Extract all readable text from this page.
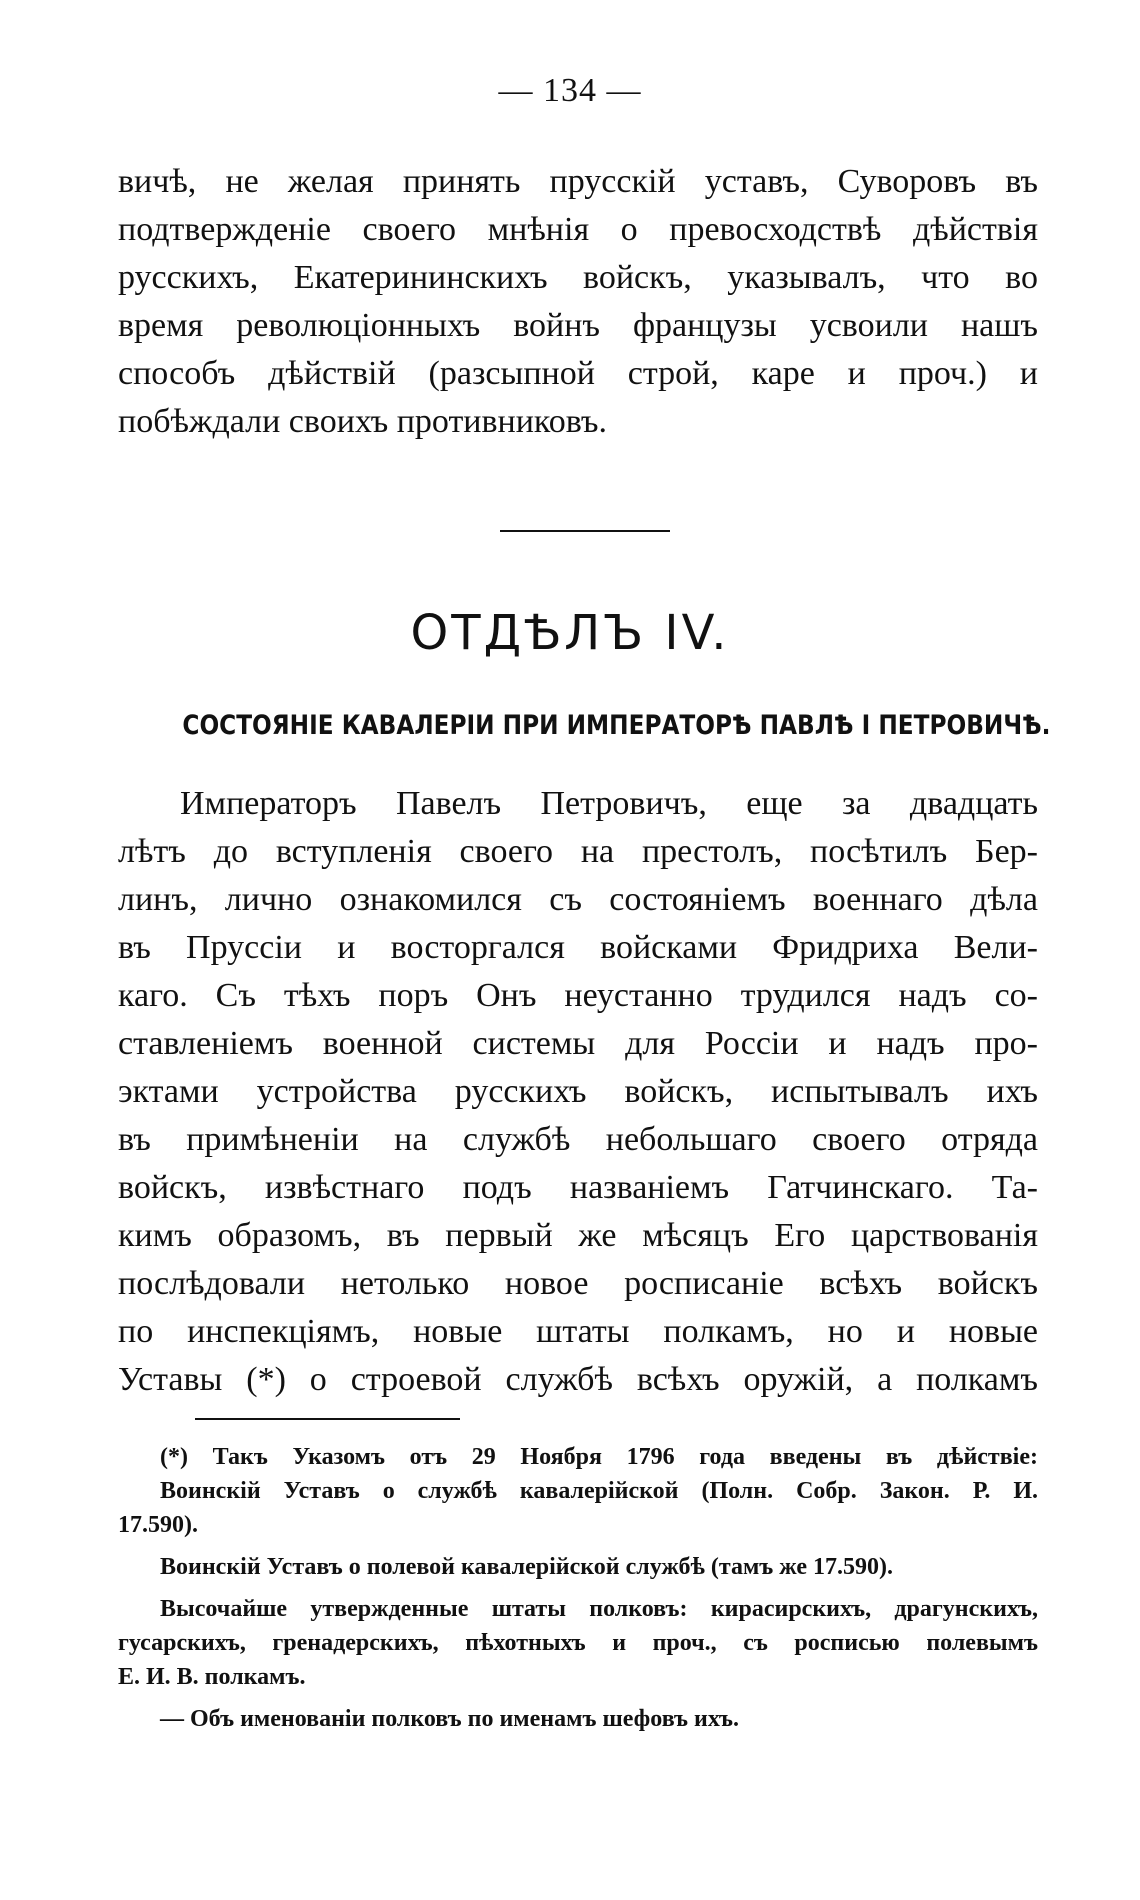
— 134 —
вичѣ, не желая принять прусскій уставъ, Суворовъ въ
подтвержденіе своего мнѣнія о превосходствѣ дѣйствія
русскихъ, Екатерининскихъ войскъ, указывалъ, что во
время революціонныхъ войнъ французы усвоили нашъ
способъ дѣйствій (разсыпной строй, каре и проч.) и
побѣждали своихъ противниковъ.
ОТДѢЛЪ IV.
СОСТОЯНІЕ КАВАЛЕРІИ ПРИ ИМПЕРАТОРѢ ПАВЛѢ I ПЕТРОВИЧѢ.
Императоръ Павелъ Петровичъ, еще за двадцать
лѣтъ до вступленія своего на престолъ, посѣтилъ Бер-
линъ, лично ознакомился съ состояніемъ военнаго дѣла
въ Пруссіи и восторгался войсками Фридриха Вели-
каго. Съ тѣхъ поръ Онъ неустанно трудился надъ со-
ставленіемъ военной системы для Россіи и надъ про-
эктами устройства русскихъ войскъ, испытывалъ ихъ
въ примѣненіи на службѣ небольшаго своего отряда
войскъ, извѣстнаго подъ названіемъ Гатчинскаго. Та-
кимъ образомъ, въ первый же мѣсяцъ Его царствованія
послѣдовали нетолько новое росписаніе всѣхъ войскъ
по инспекціямъ, новые штаты полкамъ, но и новые
Уставы (*) о строевой службѣ всѣхъ оружій, а полкамъ
(*) Такъ Указомъ отъ 29 Ноября 1796 года введены въ дѣйствіе:
Воинскій Уставъ о службѣ кавалерійской (Полн. Собр. Закон. Р. И.
17.590).
Воинскій Уставъ о полевой кавалерійской службѣ (тамъ же 17.590).
Высочайше утвержденные штаты полковъ: кирасирскихъ, драгунскихъ,
гусарскихъ, гренадерскихъ, пѣхотныхъ и проч., съ росписью полевымъ
Е. И. В. полкамъ.
— Объ именованіи полковъ по именамъ шефовъ ихъ.
